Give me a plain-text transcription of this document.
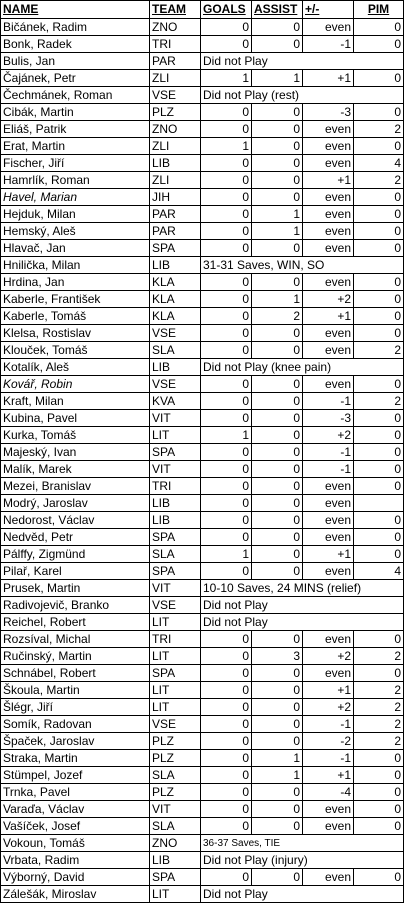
NAME	TEAM	GOALS	ASSIST	+/-	PIM
Bičánek, Radim	ZNO	0	0	even	0
Bonk, Radek	TRI	0	0	-1	0
Bulis, Jan	PAR	Did not Play			
Čajánek, Petr	ZLI	1	1	+1	0
Čechmánek, Roman	VSE	Did not Play (rest)			
Cibák, Martin	PLZ	0	0	-3	0
Eliáš, Patrik	ZNO	0	0	even	2
Erat, Martin	ZLI	1	0	even	0
Fischer, Jiří	LIB	0	0	even	4
Hamrlík, Roman	ZLI	0	0	+1	2
Havel, Marian	JIH	0	0	even	0
Hejduk, Milan	PAR	0	1	even	0
Hemský, Aleš	PAR	0	1	even	0
Hlavač, Jan	SPA	0	0	even	0
Hnilička, Milan	LIB	31-31 Saves, WIN, SO			
Hrdina, Jan	KLA	0	0	even	0
Kaberle, František	KLA	0	1	+2	0
Kaberle, Tomáš	KLA	0	2	+1	0
Klelsa, Rostislav	VSE	0	0	even	0
Klouček, Tomáš	SLA	0	0	even	2
Kotalík, Aleš	LIB	Did not Play (knee pain)			
Kovář, Robin	VSE	0	0	even	0
Kraft, Milan	KVA	0	0	-1	2
Kubina, Pavel	VIT	0	0	-3	0
Kurka, Tomáš	LIT	1	0	+2	0
Majeský, Ivan	SPA	0	0	-1	0
Malík, Marek	VIT	0	0	-1	0
Mezei, Branislav	TRI	0	0	even	0
Modrý, Jaroslav	LIB	0	0	even	
Nedorost, Václav	LIB	0	0	even	0
Nedvěd, Petr	SPA	0	0	even	0
Pálffy, Zigmünd	SLA	1	0	+1	0
Pilař, Karel	SPA	0	0	even	4
Prusek, Martin	VIT	10-10 Saves, 24 MINS (relief)			
Radivojevič, Branko	VSE	Did not Play			
Reichel, Robert	LIT	Did not Play			
Rozsíval, Michal	TRI	0	0	even	0
Ručinský, Martin	LIT	0	3	+2	2
Schnábel, Robert	SPA	0	0	even	0
Škoula, Martin	LIT	0	0	+1	2
Šlégr, Jiří	LIT	0	0	+2	2
Somík, Radovan	VSE	0	0	-1	2
Špaček, Jaroslav	PLZ	0	0	-2	2
Straka, Martin	PLZ	0	1	-1	0
Stümpel, Jozef	SLA	0	1	+1	0
Trnka, Pavel	PLZ	0	0	-4	0
Varaďa, Václav	VIT	0	0	even	0
Vašíček, Josef	SLA	0	0	even	0
Vokoun, Tomáš	ZNO	36-37 Saves, TIE			
Vrbata, Radim	LIB	Did not Play (injury)			
Výborný, David	SPA	0	0	even	0
Zálešák, Miroslav	LIT	Did not Play			
